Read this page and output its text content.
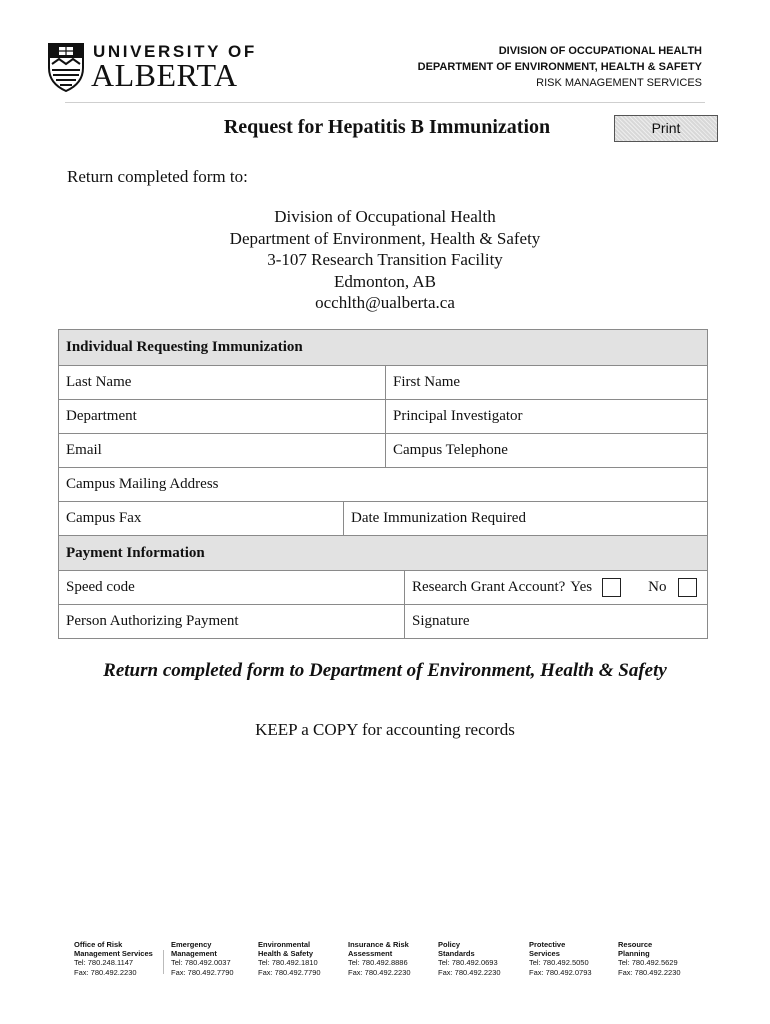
UNIVERSITY OF
ALBERTA
DIVISION OF OCCUPATIONAL HEALTH
DEPARTMENT OF ENVIRONMENT, HEALTH & SAFETY
RISK MANAGEMENT SERVICES
Request for Hepatitis B Immunization	Print
Return completed form to:
Division of Occupational Health
Department of Environment, Health & Safety
3-107 Research Transition Facility
Edmonton, AB
occhlth@ualberta.ca
Individual Requesting Immunization
Last Name	First Name
Department	Principal Investigator
Email	Campus Telephone
Campus Mailing Address
Campus Fax	Date Immunization Required
Payment Information
Speed code	Research Grant Account? Yes	No
Person Authorizing Payment	Signature
Return completed form to Department of Environment, Health & Safety
KEEP a COPY for accounting records
Office of Risk
Management Services
Tel: 780.248.1147
Fax: 780.492.2230
Emergency
Management
Tel: 780.492.0037
Fax: 780.492.7790
Environmental
Health & Safety
Tel: 780.492.1810
Fax: 780.492.7790
Insurance & Risk
Assessment
Tel: 780.492.8886
Fax: 780.492.2230
Policy
Standards
Tel: 780.492.0693
Fax: 780.492.2230
Protective
Services
Tel: 780.492.5050
Fax: 780.492.0793
Resource
Planning
Tel: 780.492.5629
Fax: 780.492.2230
